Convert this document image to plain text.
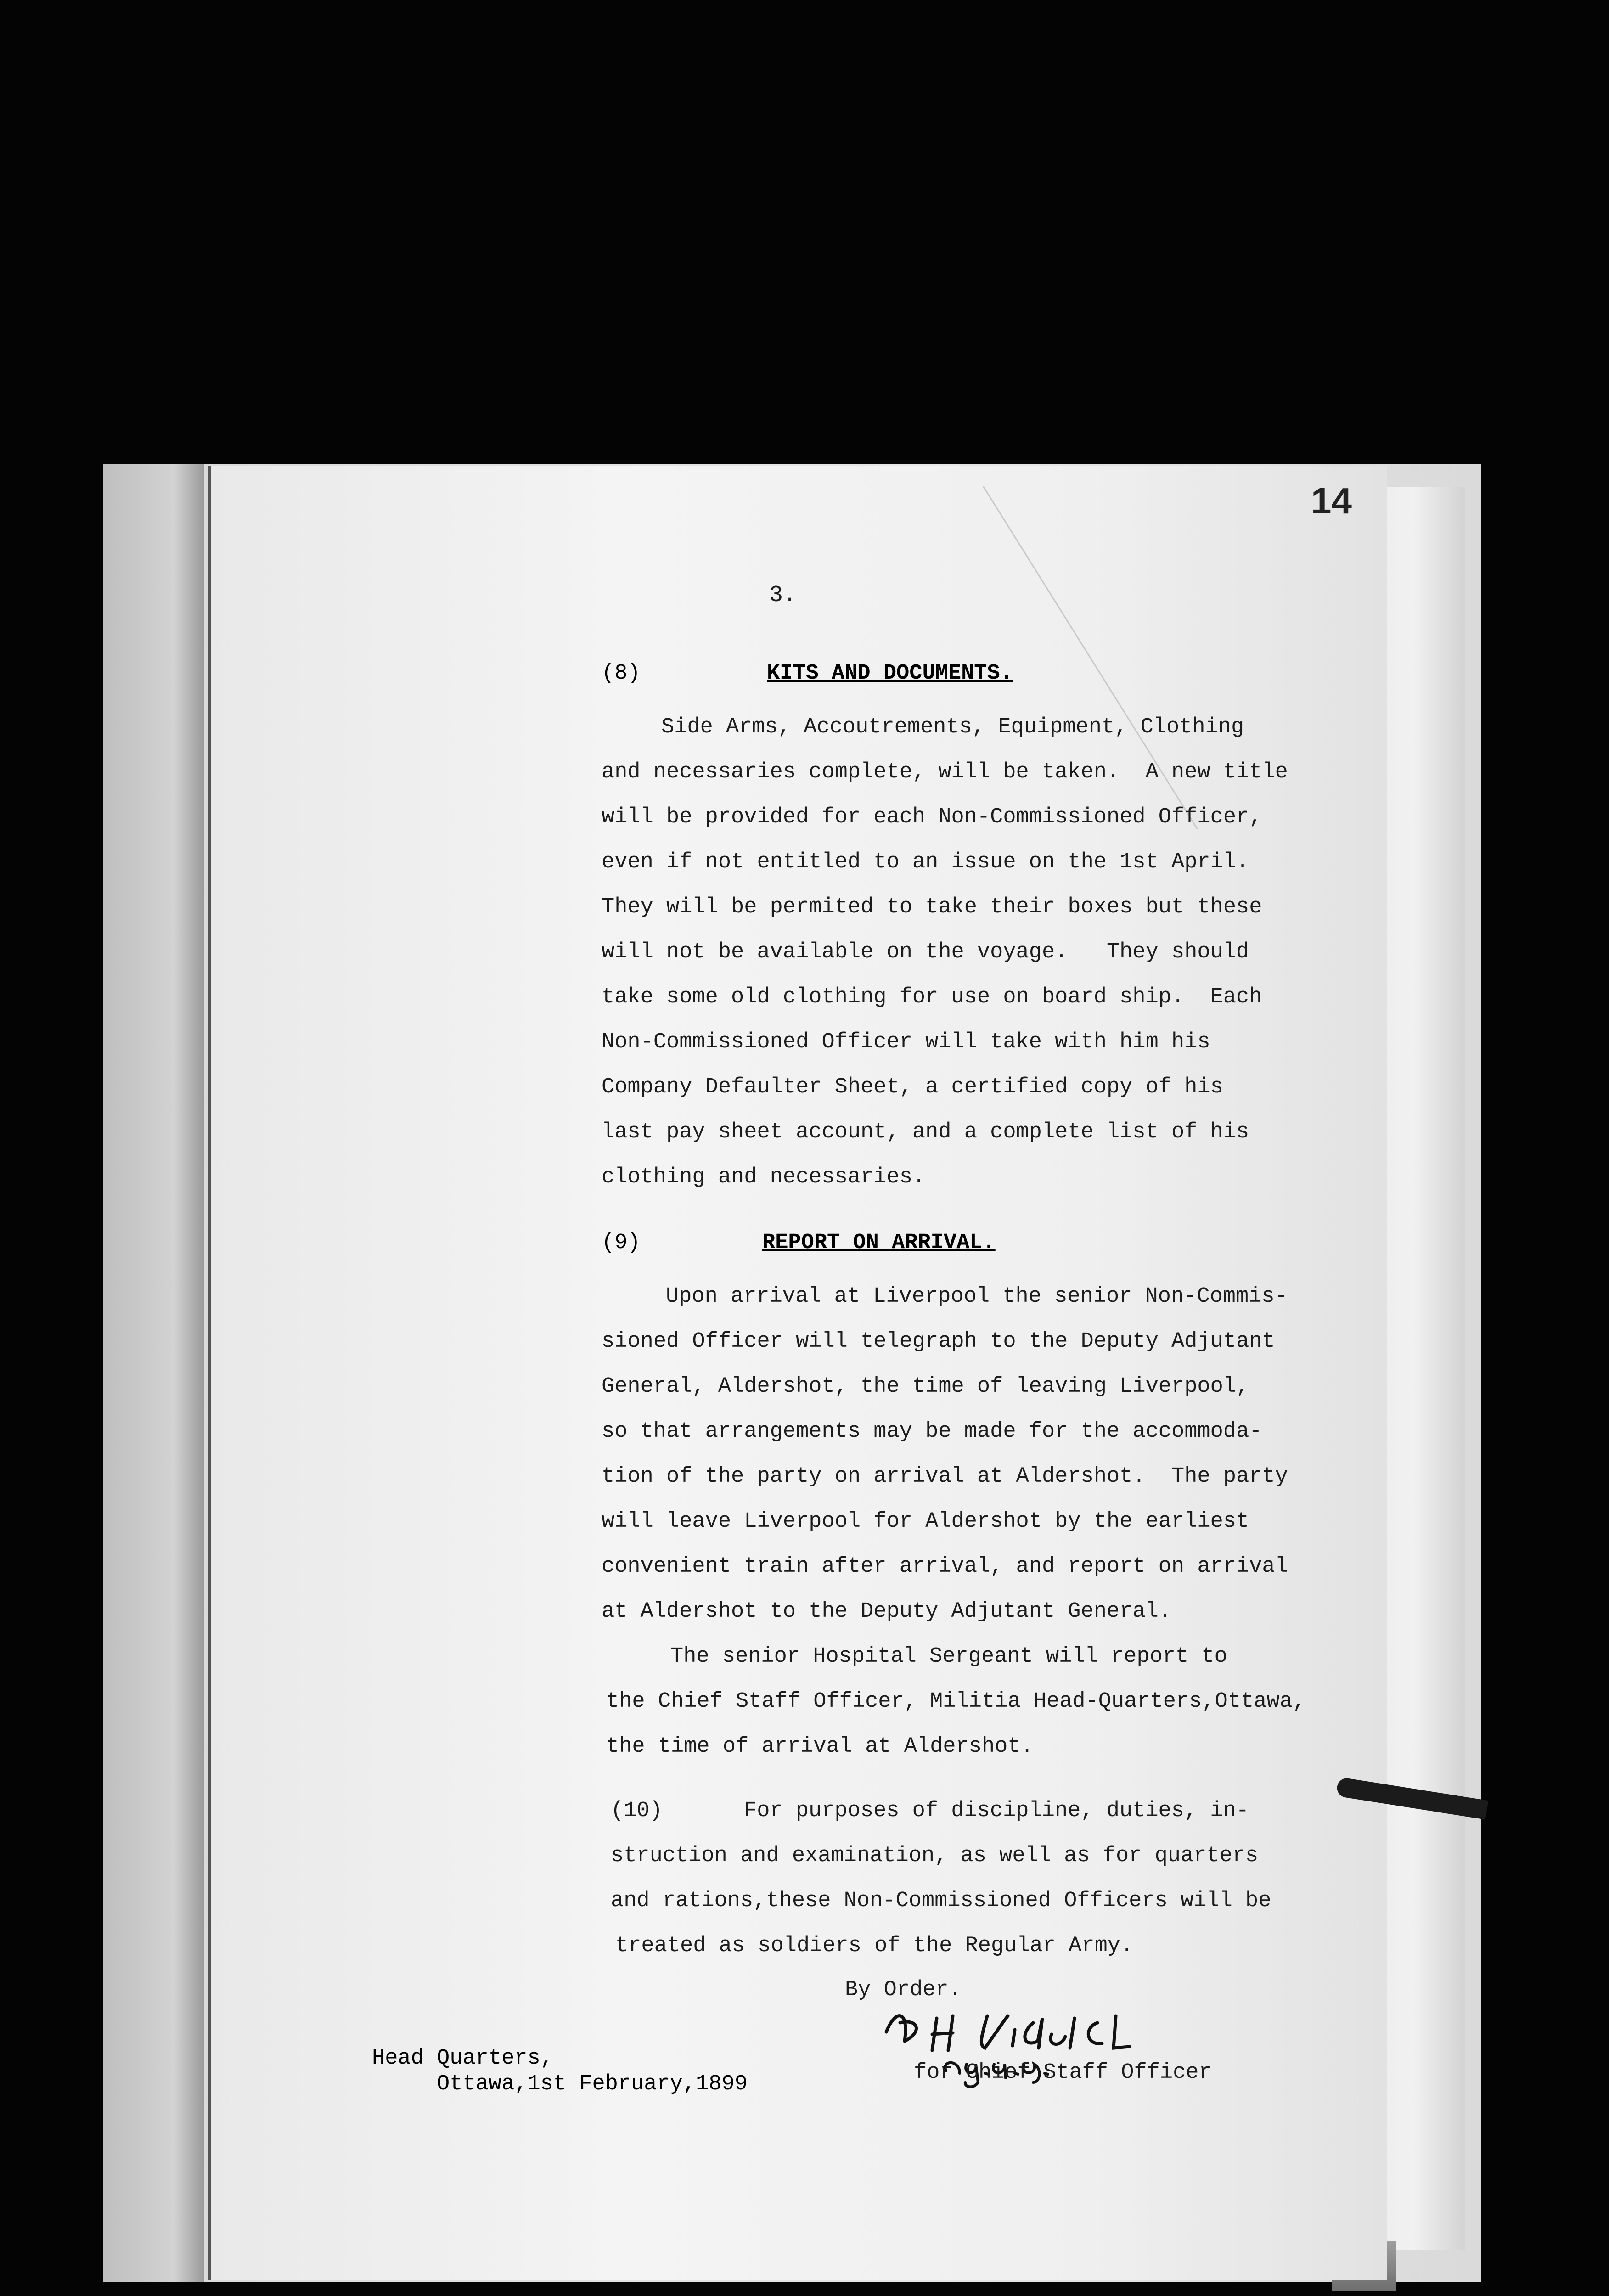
14
3.
(8)	KITS AND DOCUMENTS.
Side Arms, Accoutrements, Equipment, Clothing
and necessaries complete, will be taken.  A new title
will be provided for each Non-Commissioned Officer,
even if not entitled to an issue on the 1st April.
They will be permited to take their boxes but these
will not be available on the voyage.   They should
take some old clothing for use on board ship.  Each
Non-Commissioned Officer will take with him his
Company Defaulter Sheet, a certified copy of his
last pay sheet account, and a complete list of his
clothing and necessaries.
(9)	REPORT ON ARRIVAL.
Upon arrival at Liverpool the senior Non-Commis-
sioned Officer will telegraph to the Deputy Adjutant
General, Aldershot, the time of leaving Liverpool,
so that arrangements may be made for the accommoda-
tion of the party on arrival at Aldershot.  The party
will leave Liverpool for Aldershot by the earliest
convenient train after arrival, and report on arrival
at Aldershot to the Deputy Adjutant General.
The senior Hospital Sergeant will report to
the Chief Staff Officer, Militia Head-Quarters,Ottawa,
the time of arrival at Aldershot.
(10)	For purposes of discipline, duties, in-
struction and examination, as well as for quarters
and rations,these Non-Commissioned Officers will be
treated as soldiers of the Regular Army.
By Order.
for Chief Staff Officer
Head Quarters,
Ottawa,1st February,1899
